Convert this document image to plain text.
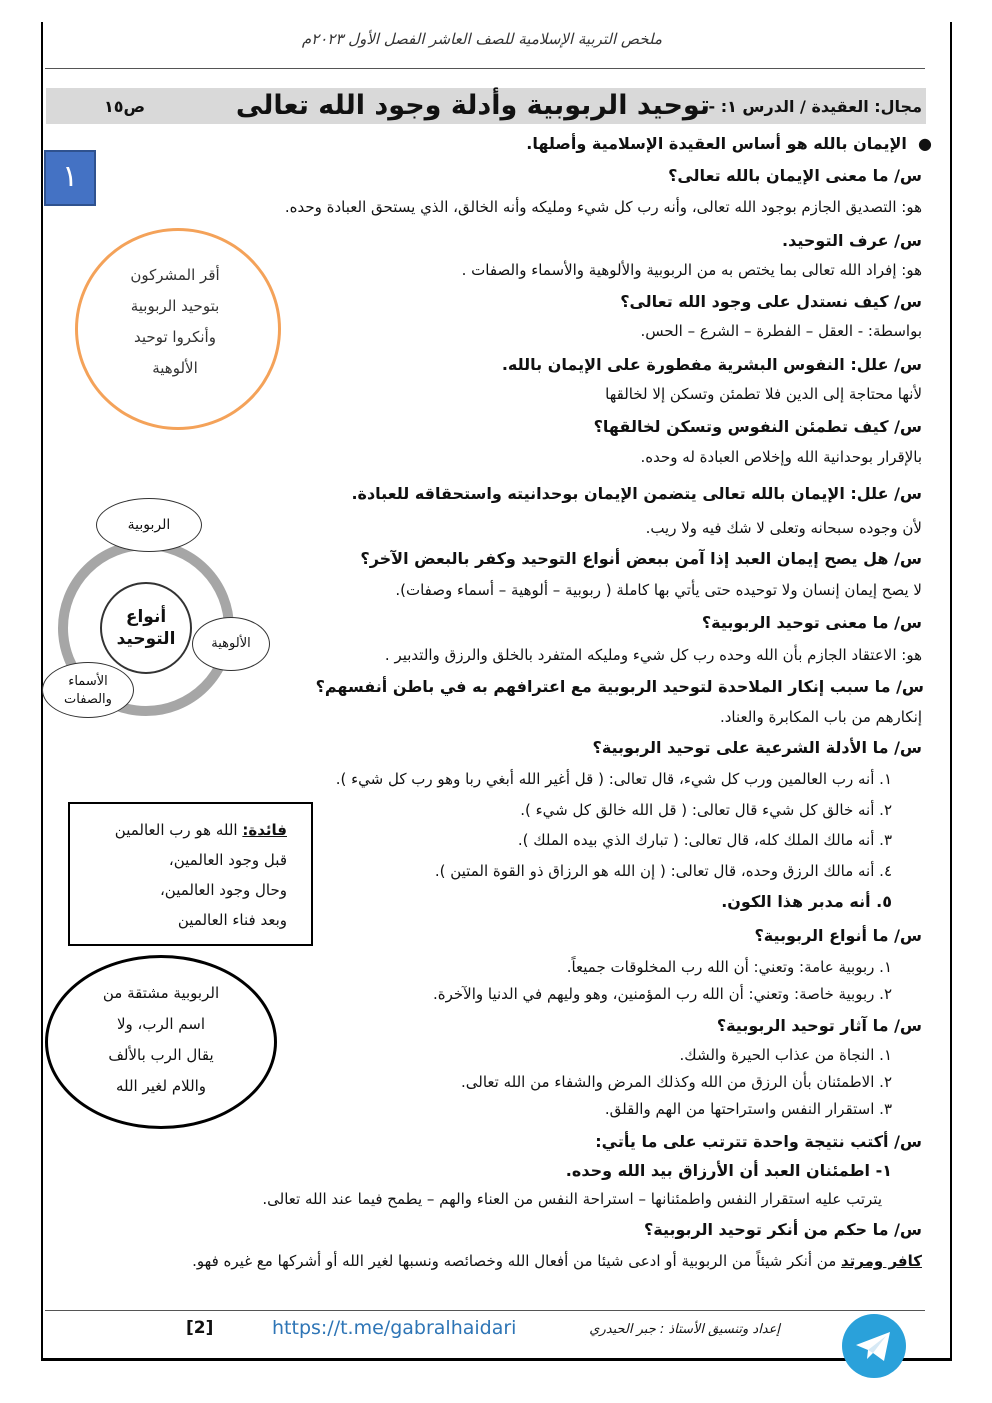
ملخص التربية الإسلامية للصف العاشر الفصل الأول ٢٠٢٣م
مجال: العقيدة / الدرس ١: -
توحيد الربوبية وأدلة وجود الله تعالى
ص١٥
١
●  الإيمان بالله هو أساس العقيدة الإسلامية وأصلها.
س/ ما معنى الإيمان بالله تعالى؟
هو: التصديق الجازم بوجود الله تعالى، وأنه رب كل شيء ومليكه وأنه الخالق، الذي يستحق العبادة وحده.
س/ عرف التوحيد.
هو: إفراد الله تعالى بما يختص به من الربوبية والألوهية والأسماء والصفات .
س/ كيف نستدل على وجود الله تعالى؟
بواسطة: - العقل – الفطرة – الشرع – الحس.
س/ علل: النفوس البشرية مفطورة على الإيمان بالله.
لأنها محتاجة إلى الدين فلا تطمئن وتسكن إلا لخالقها
س/ كيف تطمئن النفوس وتسكن لخالقها؟
بالإقرار بوحدانية الله وإخلاص العبادة له وحده.
س/ علل: الإيمان بالله تعالى يتضمن الإيمان بوحدانيته واستحقاقه للعبادة.
لأن وجوده سبحانه وتعلى لا شك فيه ولا ريب.
س/ هل يصح إيمان العبد إذا آمن ببعض أنواع التوحيد وكفر بالبعض الآخر؟
لا يصح إيمان إنسان ولا توحيده حتى يأتي بها كاملة ( ربوبية – ألوهية – أسماء وصفات).
س/ ما معنى توحيد الربوبية؟
هو: الاعتقاد الجازم بأن الله وحده رب كل شيء ومليكه المتفرد بالخلق والرزق والتدبير .
س/ ما سبب إنكار الملاحدة لتوحيد الربوبية مع اعترافهم به في باطن أنفسهم؟
إنكارهم من باب المكابرة والعناد.
س/ ما الأدلة الشرعية على توحيد الربوبية؟
١. أنه رب العالمين ورب كل شيء، قال تعالى: ( قل أغير الله أبغي ربا وهو رب كل شيء ).
٢. أنه خالق كل شيء قال تعالى: ( قل الله خالق كل شيء ).
٣. أنه مالك الملك كله، قال تعالى: ( تبارك الذي بيده الملك ).
٤. أنه مالك الرزق وحده، قال تعالى: ( إن الله هو الرزاق ذو القوة المتين ).
٥. أنه مدبر هذا الكون.
س/ ما أنواع الربوبية؟
١. ربوبية عامة: وتعني: أن الله رب المخلوقات جميعاً.
٢. ربوبية خاصة: وتعني: أن الله رب المؤمنين، وهو وليهم في الدنيا والآخرة.
س/ ما آثار توحيد الربوبية؟
١. النجاة من عذاب الحيرة والشك.
٢. الاطمئنان بأن الرزق من الله وكذلك المرض والشفاء من الله تعالى.
٣. استقرار النفس واستراحتها من الهم والقلق.
س/ أكتب نتيجة واحدة تترتب على ما يأتي:
١- اطمئنان العبد أن الأرزاق بيد الله وحده.
يترتب عليه استقرار النفس واطمئنانها – استراحة النفس من العناء والهم – يطمح فيما عند الله تعالى.
س/ ما حكم من أنكر توحيد الربوبية؟
كافر ومرتد من أنكر شيئاً من الربوبية أو ادعى شيئا من أفعال الله وخصائصه ونسبها لغير الله أو أشركها مع غيره فهو.
أقر المشركون
بتوحيد الربوبية
وأنكروا توحيد
الألوهية
أنواع
التوحيد
الربوبية
الألوهية
الأسماء
والصفات
فائدة: الله هو رب العالمين
قبل وجود العالمين،
وحال وجود العالمين،
وبعد فناء العالمين
الربوبية مشتقة من
اسم الرب، ولا
يقال الرب بالألف
واللام لغير الله
[2]	https://t.me/gabralhaidari	إعداد وتنسيق الأستاذ : جبر الحيدري
